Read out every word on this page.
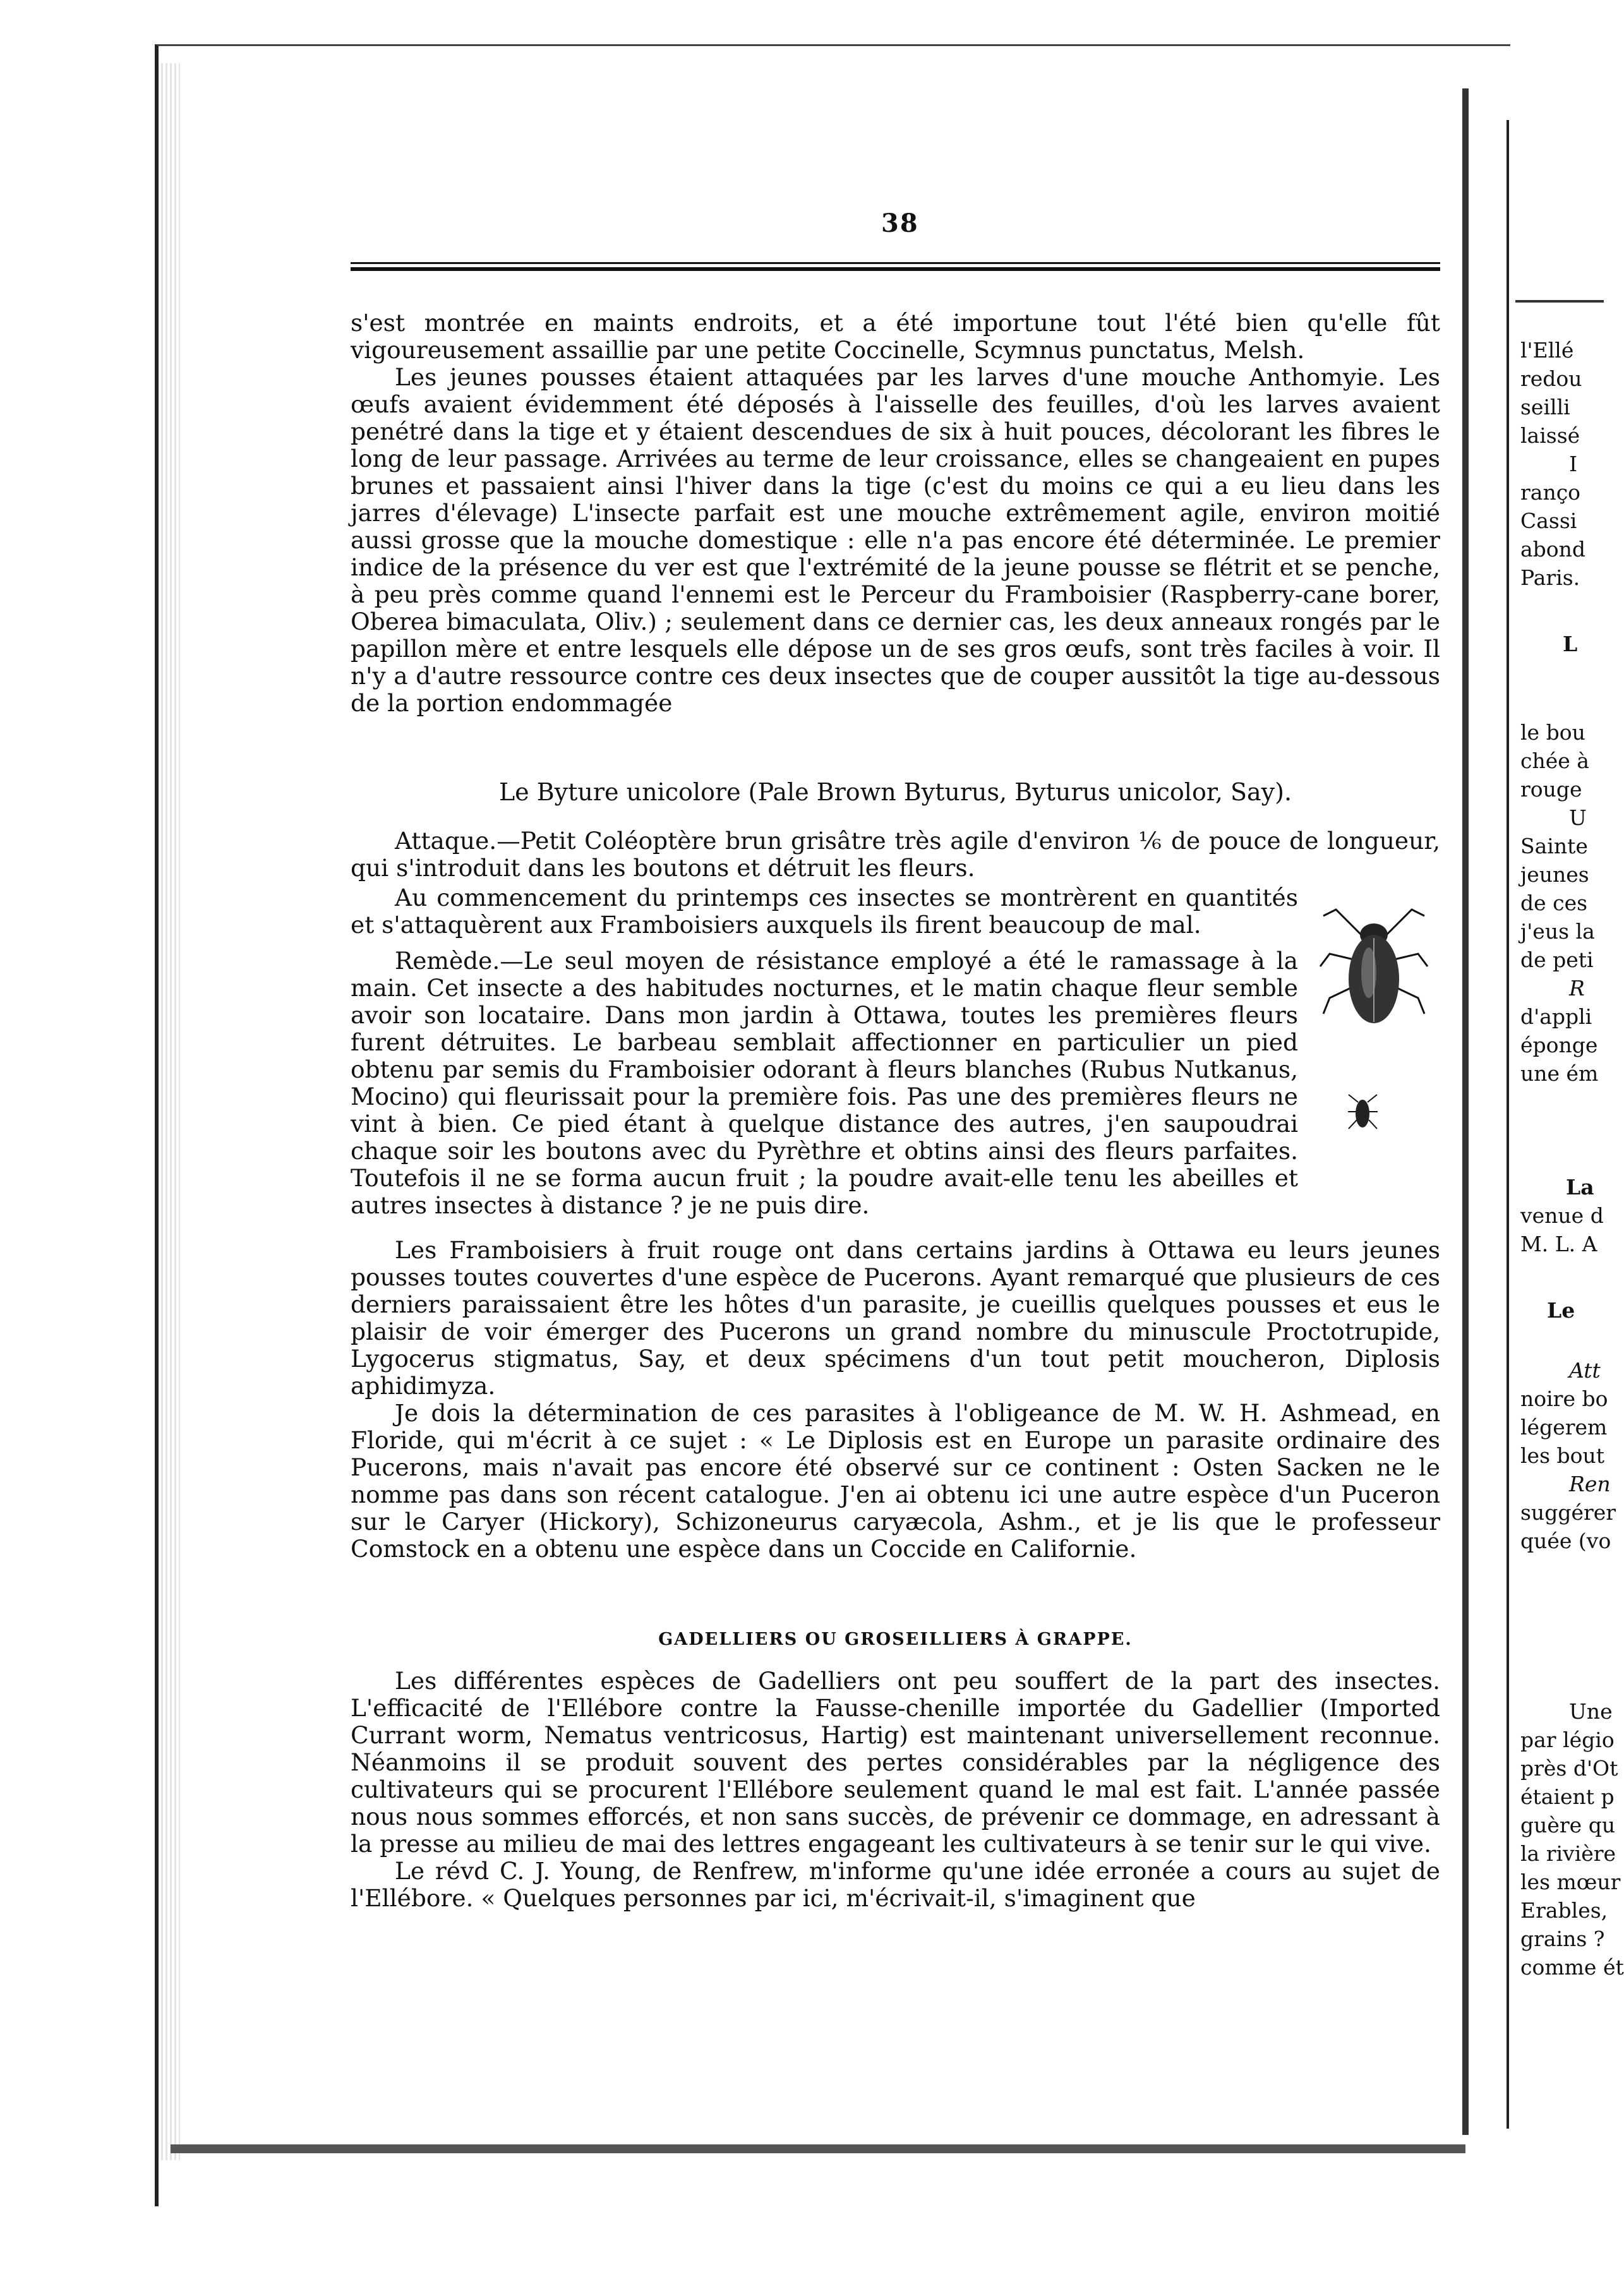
38

s'est montrée en maints endroits, et a été importune tout l'été bien qu'elle fût vigoureusement assaillie par une petite Coccinelle, Scymnus punctatus, Melsh.

Les jeunes pousses étaient attaquées par les larves d'une mouche Anthomyie. Les œufs avaient évidemment été déposés à l'aisselle des feuilles, d'où les larves avaient penétré dans la tige et y étaient descendues de six à huit pouces, décolorant les fibres le long de leur passage. Arrivées au terme de leur croissance, elles se changeaient en pupes brunes et passaient ainsi l'hiver dans la tige (c'est du moins ce qui a eu lieu dans les jarres d'élevage) L'insecte parfait est une mouche extrêmement agile, environ moitié aussi grosse que la mouche domestique : elle n'a pas encore été déterminée. Le premier indice de la présence du ver est que l'extrémité de la jeune pousse se flétrit et se penche, à peu près comme quand l'ennemi est le Perceur du Framboisier (Raspberry-cane borer, Oberea bimaculata, Oliv.) ; seulement dans ce dernier cas, les deux anneaux rongés par le papillon mère et entre lesquels elle dépose un de ses gros œufs, sont très faciles à voir. Il n'y a d'autre ressource contre ces deux insectes que de couper aussitôt la tige au-dessous de la portion endommagée

Le Byture unicolore (Pale Brown Byturus, Byturus unicolor, Say).

Attaque.—Petit Coléoptère brun grisâtre très agile d'environ ⅙ de pouce de longueur, qui s'introduit dans les boutons et détruit les fleurs.

Au commencement du printemps ces insectes se montrèrent en quantités et s'attaquèrent aux Framboisiers auxquels ils firent beaucoup de mal.

Remède.—Le seul moyen de résistance employé a été le ramassage à la main. Cet insecte a des habitudes nocturnes, et le matin chaque fleur semble avoir son locataire. Dans mon jardin à Ottawa, toutes les premières fleurs furent détruites. Le barbeau semblait affectionner en particulier un pied obtenu par semis du Framboisier odorant à fleurs blanches (Rubus Nutkanus, Mocino) qui fleurissait pour la première fois. Pas une des premières fleurs ne vint à bien. Ce pied étant à quelque distance des autres, j'en saupoudrai chaque soir les boutons avec du Pyrèthre et obtins ainsi des fleurs parfaites. Toutefois il ne se forma aucun fruit ; la poudre avait-elle tenu les abeilles et autres insectes à distance ? je ne puis dire.

Les Framboisiers à fruit rouge ont dans certains jardins à Ottawa eu leurs jeunes pousses toutes couvertes d'une espèce de Pucerons. Ayant remarqué que plusieurs de ces derniers paraissaient être les hôtes d'un parasite, je cueillis quelques pousses et eus le plaisir de voir émerger des Pucerons un grand nombre du minuscule Proctotrupide, Lygocerus stigmatus, Say, et deux spécimens d'un tout petit moucheron, Diplosis aphidimyza.

Je dois la détermination de ces parasites à l'obligeance de M. W. H. Ashmead, en Floride, qui m'écrit à ce sujet : « Le Diplosis est en Europe un parasite ordinaire des Pucerons, mais n'avait pas encore été observé sur ce continent : Osten Sacken ne le nomme pas dans son récent catalogue. J'en ai obtenu ici une autre espèce d'un Puceron sur le Caryer (Hickory), Schizoneurus caryæcola, Ashm., et je lis que le professeur Comstock en a obtenu une espèce dans un Coccide en Californie.

GADELLIERS OU GROSEILLIERS À GRAPPE.

Les différentes espèces de Gadelliers ont peu souffert de la part des insectes. L'efficacité de l'Ellébore contre la Fausse-chenille importée du Gadellier (Imported Currant worm, Nematus ventricosus, Hartig) est maintenant universellement reconnue. Néanmoins il se produit souvent des pertes considérables par la négligence des cultivateurs qui se procurent l'Ellébore seulement quand le mal est fait. L'année passée nous nous sommes efforcés, et non sans succès, de prévenir ce dommage, en adressant à la presse au milieu de mai des lettres engageant les cultivateurs à se tenir sur le qui vive.

Le révd C. J. Young, de Renfrew, m'informe qu'une idée erronée a cours au sujet de l'Ellébore. « Quelques personnes par ici, m'écrivait-il, s'imaginent que

l'Ellé
redou
seilli
laissé
I
ranço
Cassi
abond
Paris.
L
le bou
chée à
rouge
U
Sainte
jeunes
de ces
j'eus la
de peti
R
d'appli
éponge
une ém
La
venue d
M. L. A
Le
Att
noire bo
légerem
les bout
Ren
suggérer
quée (vo
Une
par légio
près d'Ot
étaient p
guère qu
la rivière
les mœur
Erables,
grains ?
comme ét
